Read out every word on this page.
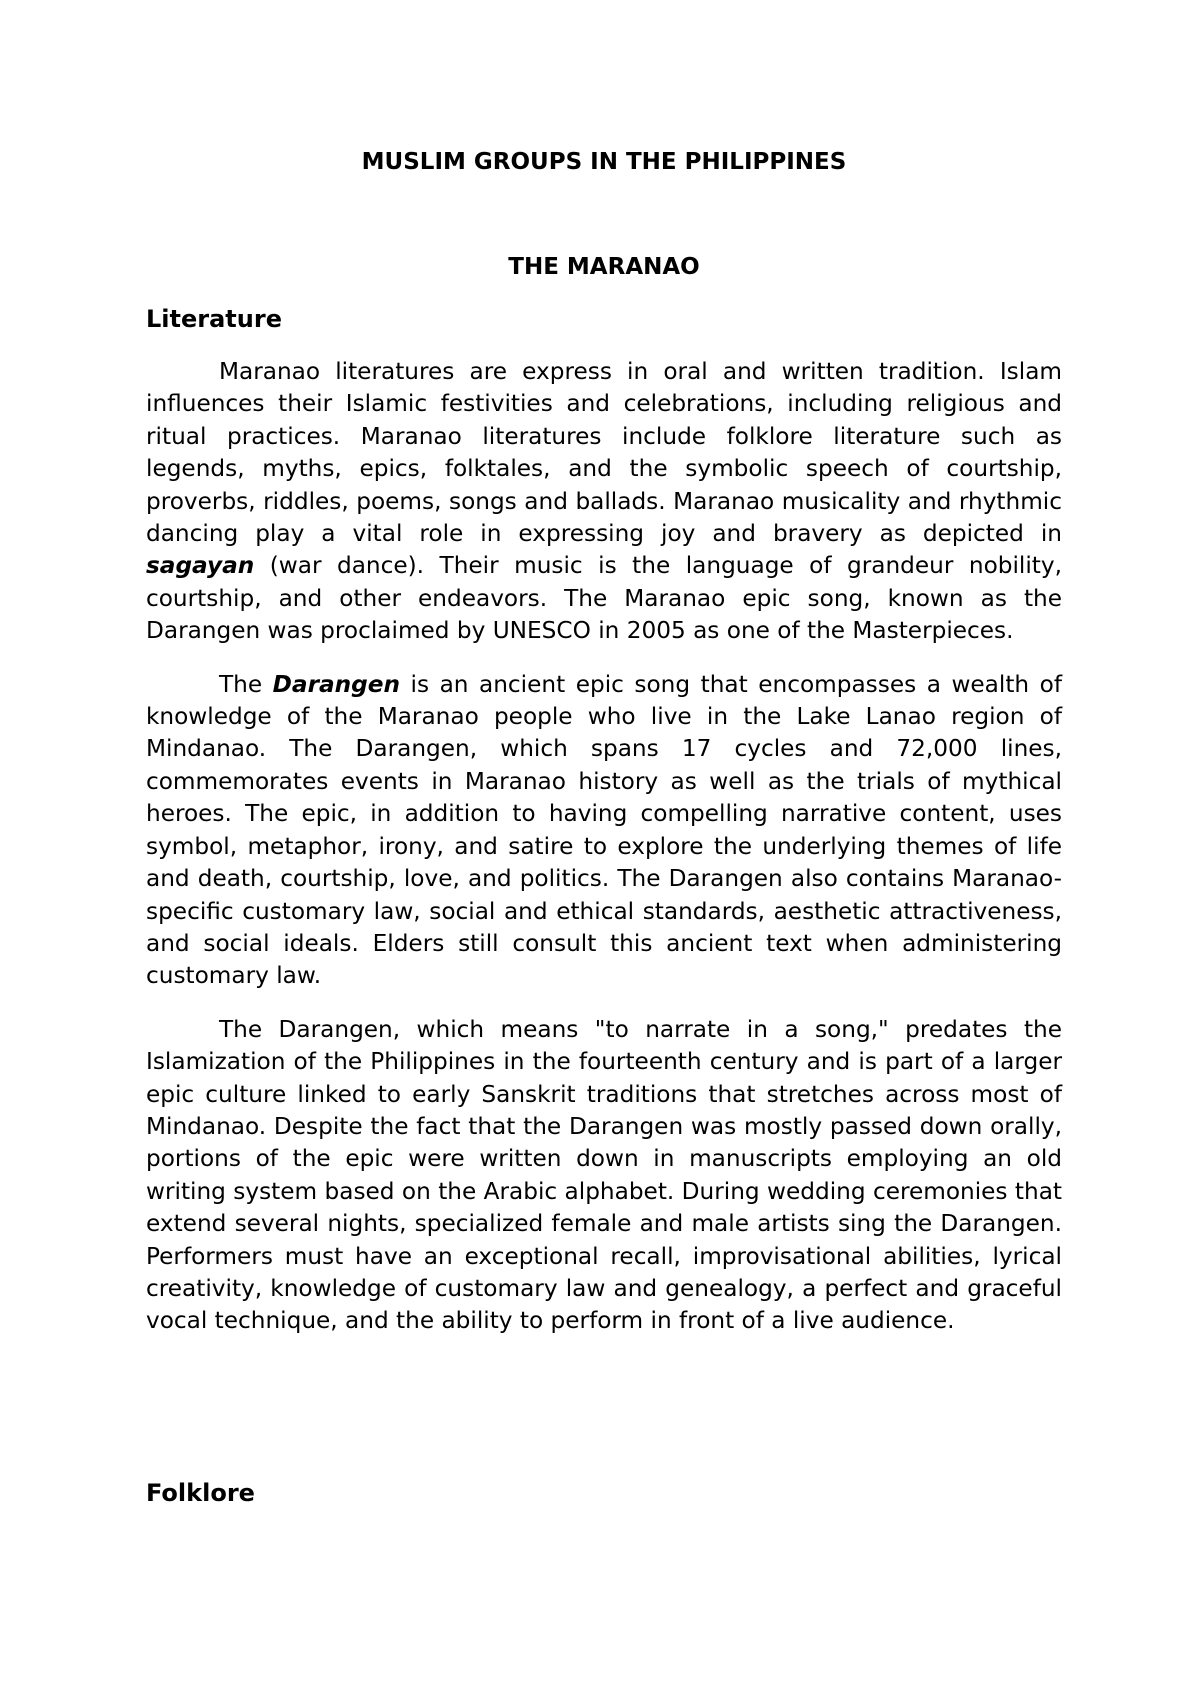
MUSLIM GROUPS IN THE PHILIPPINES
THE MARANAO
Literature

Maranao literatures are express in oral and written tradition. Islam influences their Islamic festivities and celebrations, including religious and ritual practices. Maranao literatures include folklore literature such as legends, myths, epics, folktales, and the symbolic speech of courtship, proverbs, riddles, poems, songs and ballads. Maranao musicality and rhythmic dancing play a vital role in expressing joy and bravery as depicted in sagayan (war dance). Their music is the language of grandeur nobility, courtship, and other endeavors. The Maranao epic song, known as the Darangen was proclaimed by UNESCO in 2005 as one of the Masterpieces.

The Darangen is an ancient epic song that encompasses a wealth of knowledge of the Maranao people who live in the Lake Lanao region of Mindanao. The Darangen, which spans 17 cycles and 72,000 lines, commemorates events in Maranao history as well as the trials of mythical heroes. The epic, in addition to having compelling narrative content, uses symbol, metaphor, irony, and satire to explore the underlying themes of life and death, courtship, love, and politics. The Darangen also contains Maranao-specific customary law, social and ethical standards, aesthetic attractiveness, and social ideals. Elders still consult this ancient text when administering customary law.

The Darangen, which means "to narrate in a song," predates the Islamization of the Philippines in the fourteenth century and is part of a larger epic culture linked to early Sanskrit traditions that stretches across most of Mindanao. Despite the fact that the Darangen was mostly passed down orally, portions of the epic were written down in manuscripts employing an old writing system based on the Arabic alphabet. During wedding ceremonies that extend several nights, specialized female and male artists sing the Darangen. Performers must have an exceptional recall, improvisational abilities, lyrical creativity, knowledge of customary law and genealogy, a perfect and graceful vocal technique, and the ability to perform in front of a live audience.

Folklore
